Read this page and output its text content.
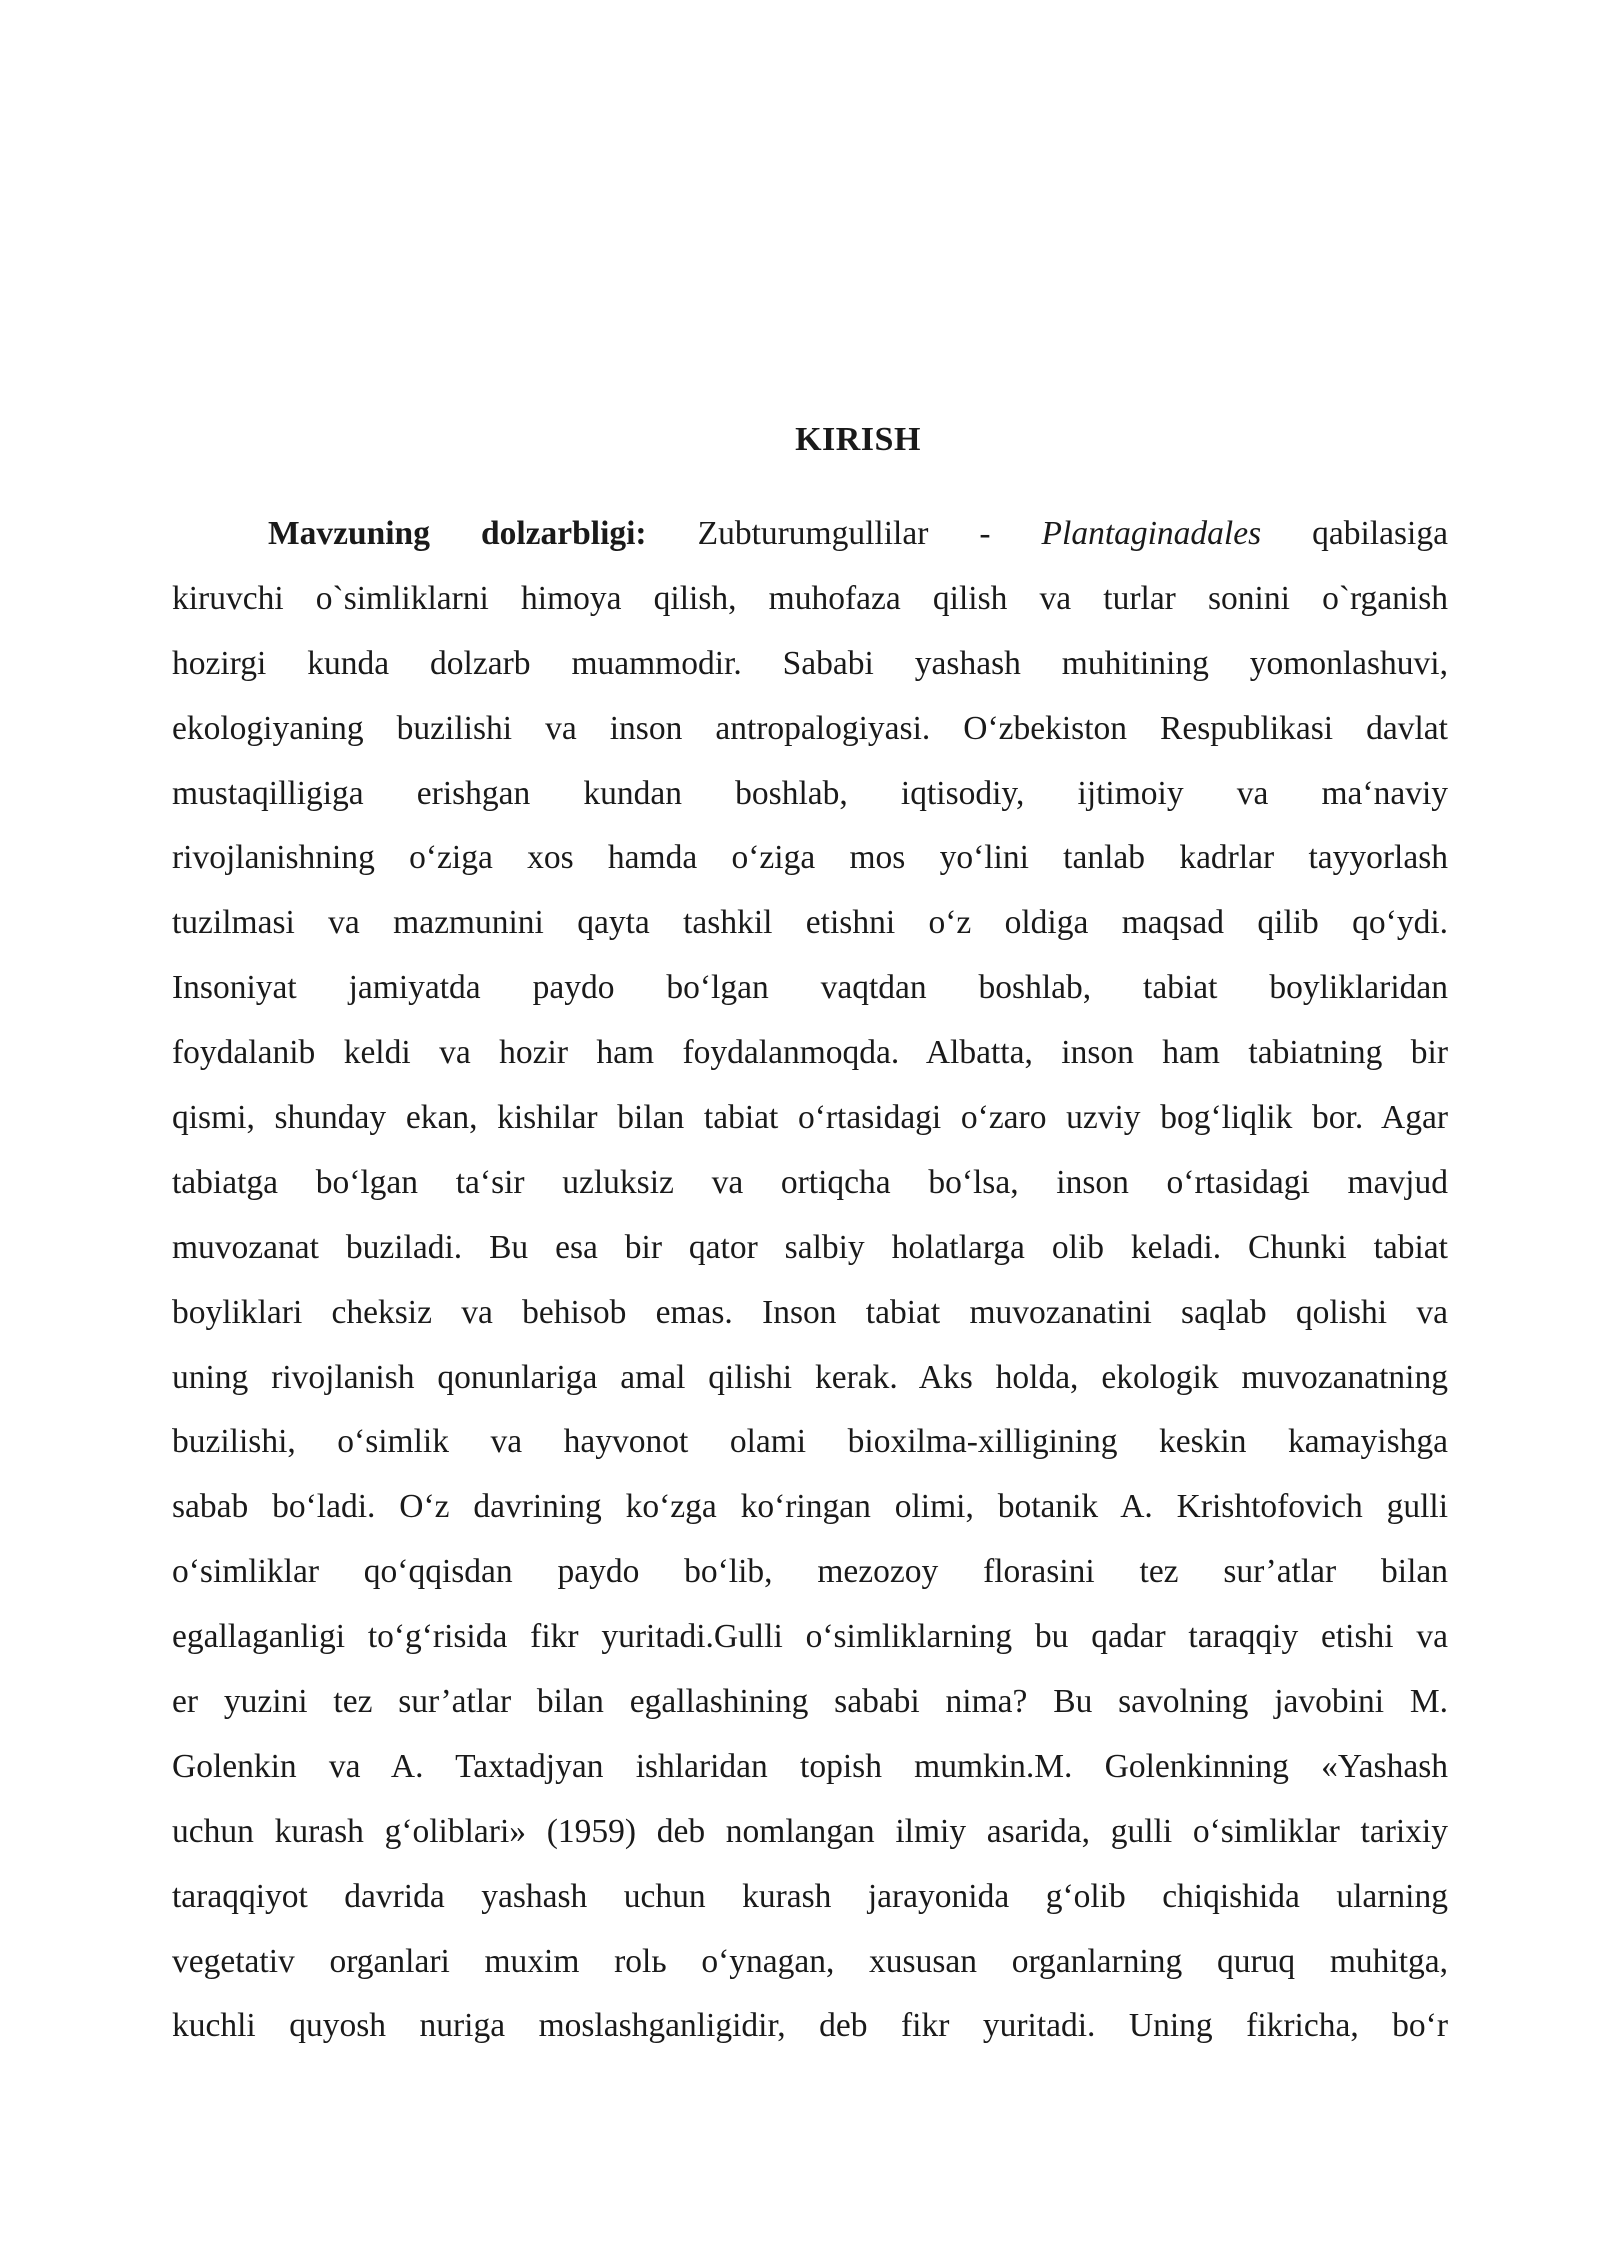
KIRISH
Mavzuning dolzarbligi: Zubturumgullilar - Plantaginadales qabilasiga
kiruvchi o`simliklarni himoya qilish, muhofaza qilish va turlar sonini o`rganish
hozirgi kunda dolzarb muammodir. Sababi yashash muhitining yomonlashuvi,
ekologiyaning buzilishi va inson antropalogiyasi. O‘zbekiston Respublikasi davlat
mustaqilligiga erishgan kundan boshlab, iqtisodiy, ijtimoiy va ma‘naviy
rivojlanishning o‘ziga xos hamda o‘ziga mos yo‘lini tanlab kadrlar tayyorlash
tuzilmasi va mazmunini qayta tashkil etishni o‘z oldiga maqsad qilib qo‘ydi.
Insoniyat jamiyatda paydo bo‘lgan vaqtdan boshlab, tabiat boyliklaridan
foydalanib keldi va hozir ham foydalanmoqda. Albatta, inson ham tabiatning bir
qismi, shunday ekan, kishilar bilan tabiat o‘rtasidagi o‘zaro uzviy bog‘liqlik bor. Agar
tabiatga bo‘lgan ta‘sir uzluksiz va ortiqcha bo‘lsa, inson o‘rtasidagi mavjud
muvozanat buziladi. Bu esa bir qator salbiy holatlarga olib keladi. Chunki tabiat
boyliklari cheksiz va behisob emas. Inson tabiat muvozanatini saqlab qolishi va
uning rivojlanish qonunlariga amal qilishi kerak. Aks holda, ekologik muvozanatning
buzilishi, o‘simlik va hayvonot olami bioxilma-xilligining keskin kamayishga
sabab bo‘ladi. O‘z davrining ko‘zga ko‘ringan olimi, botanik A. Krishtofovich gulli
o‘simliklar qo‘qqisdan paydo bo‘lib, mezozoy florasini tez sur’atlar bilan
egallaganligi to‘g‘risida fikr yuritadi.Gulli o‘simliklarning bu qadar taraqqiy etishi va
er yuzini tez sur’atlar bilan egallashining sababi nima? Bu savolning javobini M.
Golenkin va A. Taxtadjyan ishlaridan topish mumkin.M. Golenkinning «Yashash
uchun kurash g‘oliblari» (1959) deb nomlangan ilmiy asarida, gulli o‘simliklar tarixiy
taraqqiyot davrida yashash uchun kurash jarayonida g‘olib chiqishida ularning
vegetativ organlari muxim rolь o‘ynagan, xususan organlarning quruq muhitga,
kuchli quyosh nuriga moslashganligidir, deb fikr yuritadi. Uning fikricha, bo‘r
